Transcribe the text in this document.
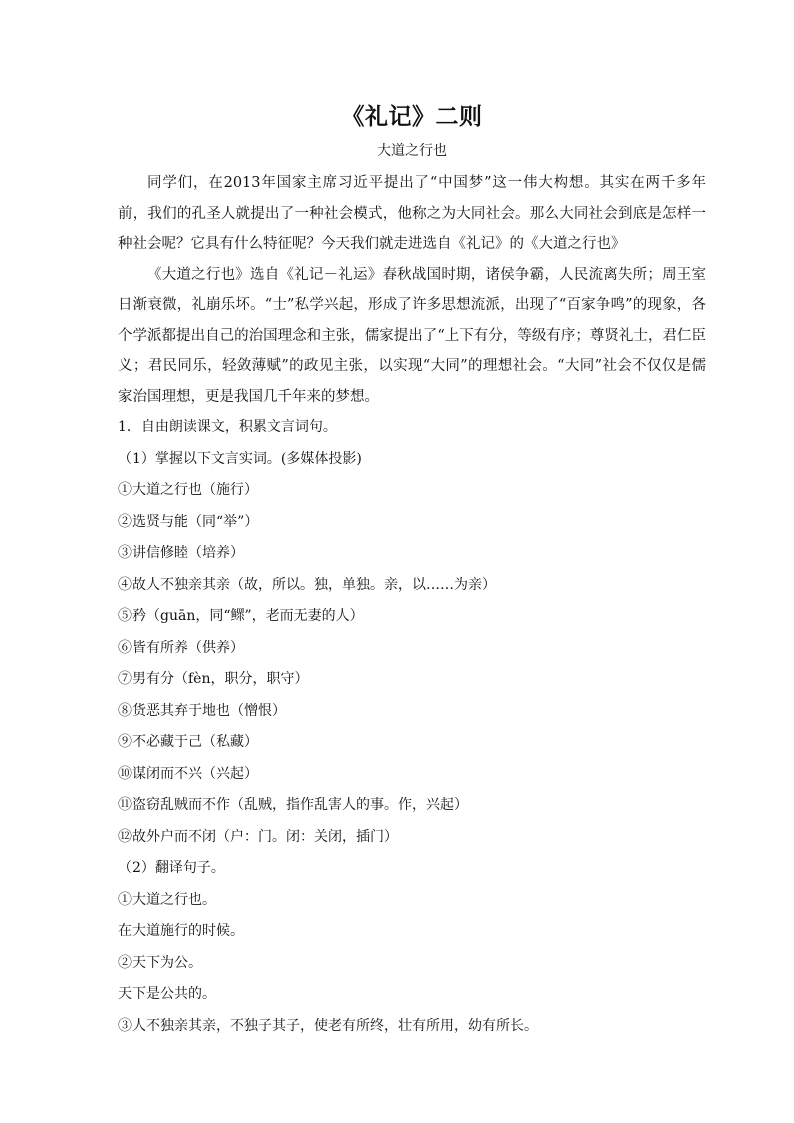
《礼记》二则
大道之行也

同学们，在2013年国家主席习近平提出了“中国梦”这一伟大构想。其实在两千多年前，我们的孔圣人就提出了一种社会模式，他称之为大同社会。那么大同社会到底是怎样一种社会呢？它具有什么特征呢？今天我们就走进选自《礼记》的《大道之行也》

《大道之行也》选自《礼记－礼运》春秋战国时期，诸侯争霸，人民流离失所；周王室日渐衰微，礼崩乐坏。“士”私学兴起，形成了许多思想流派，出现了“百家争鸣”的现象，各个学派都提出自己的治国理念和主张，儒家提出了“上下有分，等级有序；尊贤礼士，君仁臣义；君民同乐，轻敛薄赋”的政见主张，以实现“大同”的理想社会。“大同”社会不仅仅是儒家治国理想，更是我国几千年来的梦想。

1．自由朗读课文，积累文言词句。

（1）掌握以下文言实词。(多媒体投影)

①大道之行也（施行）

②选贤与能（同“举”）

③讲信修睦（培养）

④故人不独亲其亲（故，所以。独，单独。亲，以……为亲）

⑤矜（guān，同“鳏”，老而无妻的人）

⑥皆有所养（供养）

⑦男有分（fèn，职分，职守）

⑧货恶其弃于地也（憎恨）

⑨不必藏于己（私藏）

⑩谋闭而不兴（兴起）

⑪盗窃乱贼而不作（乱贼，指作乱害人的事。作，兴起）

⑫故外户而不闭（户：门。闭：关闭，插门）

（2）翻译句子。

①大道之行也。

在大道施行的时候。

②天下为公。

天下是公共的。

③人不独亲其亲，不独子其子，使老有所终，壮有所用，幼有所长。
